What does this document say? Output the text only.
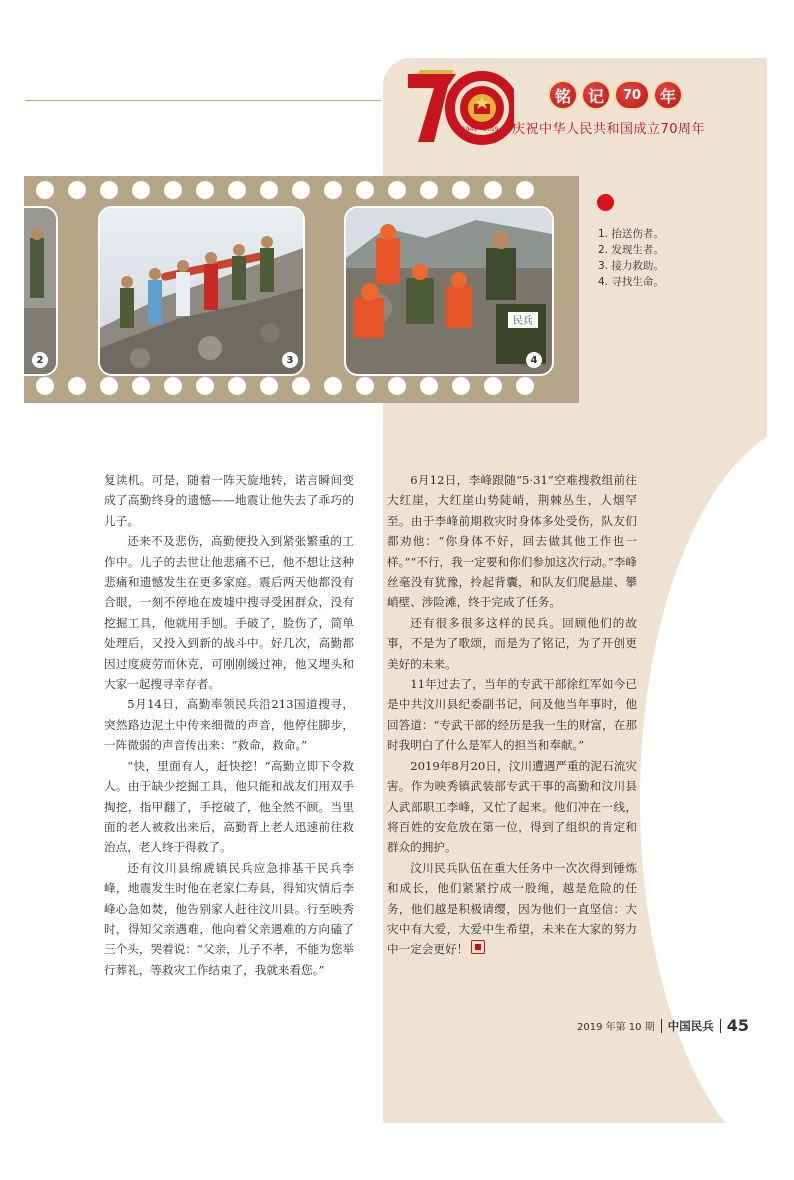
1949—2019
铭	记	70	年
庆祝中华人民共和国成立70周年
2	3
民兵
4
1. 抬送伤者。
2. 发现生者。
3. 接力救助。
4. 寻找生命。

复读机。可是，随着一阵天旋地转，诺言瞬间变成了高勤终身的遗憾——地震让他失去了乖巧的儿子。

还来不及悲伤，高勤便投入到紧张繁重的工作中。儿子的去世让他悲痛不已，他不想让这种悲痛和遗憾发生在更多家庭。震后两天他都没有合眼，一刻不停地在废墟中搜寻受困群众，没有挖掘工具，他就用手刨。手破了，脸伤了，简单处理后，又投入到新的战斗中。好几次，高勤都因过度疲劳而休克，可刚刚缓过神，他又埋头和大家一起搜寻幸存者。

5月14日，高勤率领民兵沿213国道搜寻，突然路边泥土中传来细微的声音，他停住脚步，一阵微弱的声音传出来：“救命，救命。”

“快，里面有人，赶快挖！”高勤立即下令救人。由于缺少挖掘工具，他只能和战友们用双手掏挖，指甲翻了，手挖破了，他全然不顾。当里面的老人被救出来后，高勤背上老人迅速前往救治点，老人终于得救了。

还有汶川县绵虒镇民兵应急排基干民兵李峰，地震发生时他在老家仁寿县，得知灾情后李峰心急如焚，他告别家人赶往汶川县。行至映秀时，得知父亲遇难，他向着父亲遇难的方向磕了三个头，哭着说：“父亲，儿子不孝，不能为您举行葬礼，等救灾工作结束了，我就来看您。”

6月12日，李峰跟随“5·31”空难搜救组前往大红崖，大红崖山势陡峭，荆棘丛生，人烟罕至。由于李峰前期救灾时身体多处受伤，队友们都劝他：“你身体不好，回去做其他工作也一样。”“不行，我一定要和你们参加这次行动。”李峰丝毫没有犹豫，拎起背囊，和队友们爬悬崖、攀峭壁、涉险滩，终于完成了任务。

还有很多很多这样的民兵。回顾他们的故事，不是为了歌颂，而是为了铭记，为了开创更美好的未来。

11年过去了，当年的专武干部徐红军如今已是中共汶川县纪委副书记，问及他当年事时，他回答道：“专武干部的经历是我一生的财富，在那时我明白了什么是军人的担当和奉献。”

2019年8月20日，汶川遭遇严重的泥石流灾害。作为映秀镇武装部专武干事的高勤和汶川县人武部职工李峰，又忙了起来。他们冲在一线，将百姓的安危放在第一位，得到了组织的肯定和群众的拥护。

汶川民兵队伍在重大任务中一次次得到锤炼和成长，他们紧紧拧成一股绳，越是危险的任务，他们越是积极请缨，因为他们一直坚信：大灾中有大爱，大爱中生希望，未来在大家的努力中一定会更好！

2019 年第 10 期 中国民兵 45
